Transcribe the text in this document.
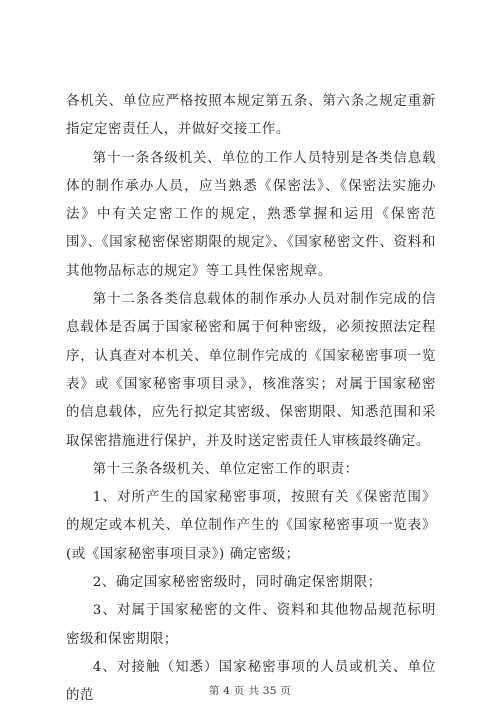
各机关、单位应严格按照本规定第五条、第六条之规定重新指定定密责任人，并做好交接工作。

第十一条各级机关、单位的工作人员特别是各类信息载体的制作承办人员，应当熟悉《保密法》、《保密法实施办法》中有关定密工作的规定，熟悉掌握和运用《保密范围》、《国家秘密保密期限的规定》、《国家秘密文件、资料和其他物品标志的规定》等工具性保密规章。

第十二条各类信息载体的制作承办人员对制作完成的信息载体是否属于国家秘密和属于何种密级，必须按照法定程序，认真查对本机关、单位制作完成的《国家秘密事项一览表》或《国家秘密事项目录》，核准落实；对属于国家秘密的信息载体，应先行拟定其密级、保密期限、知悉范围和采取保密措施进行保护，并及时送定密责任人审核最终确定。

第十三条各级机关、单位定密工作的职责：

1、对所产生的国家秘密事项，按照有关《保密范围》的规定或本机关、单位制作产生的《国家秘密事项一览表》(或《国家秘密事项目录》) 确定密级；

2、确定国家秘密密级时，同时确定保密期限；

3、对属于国家秘密的文件、资料和其他物品规范标明密级和保密期限；

4、对接触（知悉）国家秘密事项的人员或机关、单位的范	第 4 页 共 35 页
